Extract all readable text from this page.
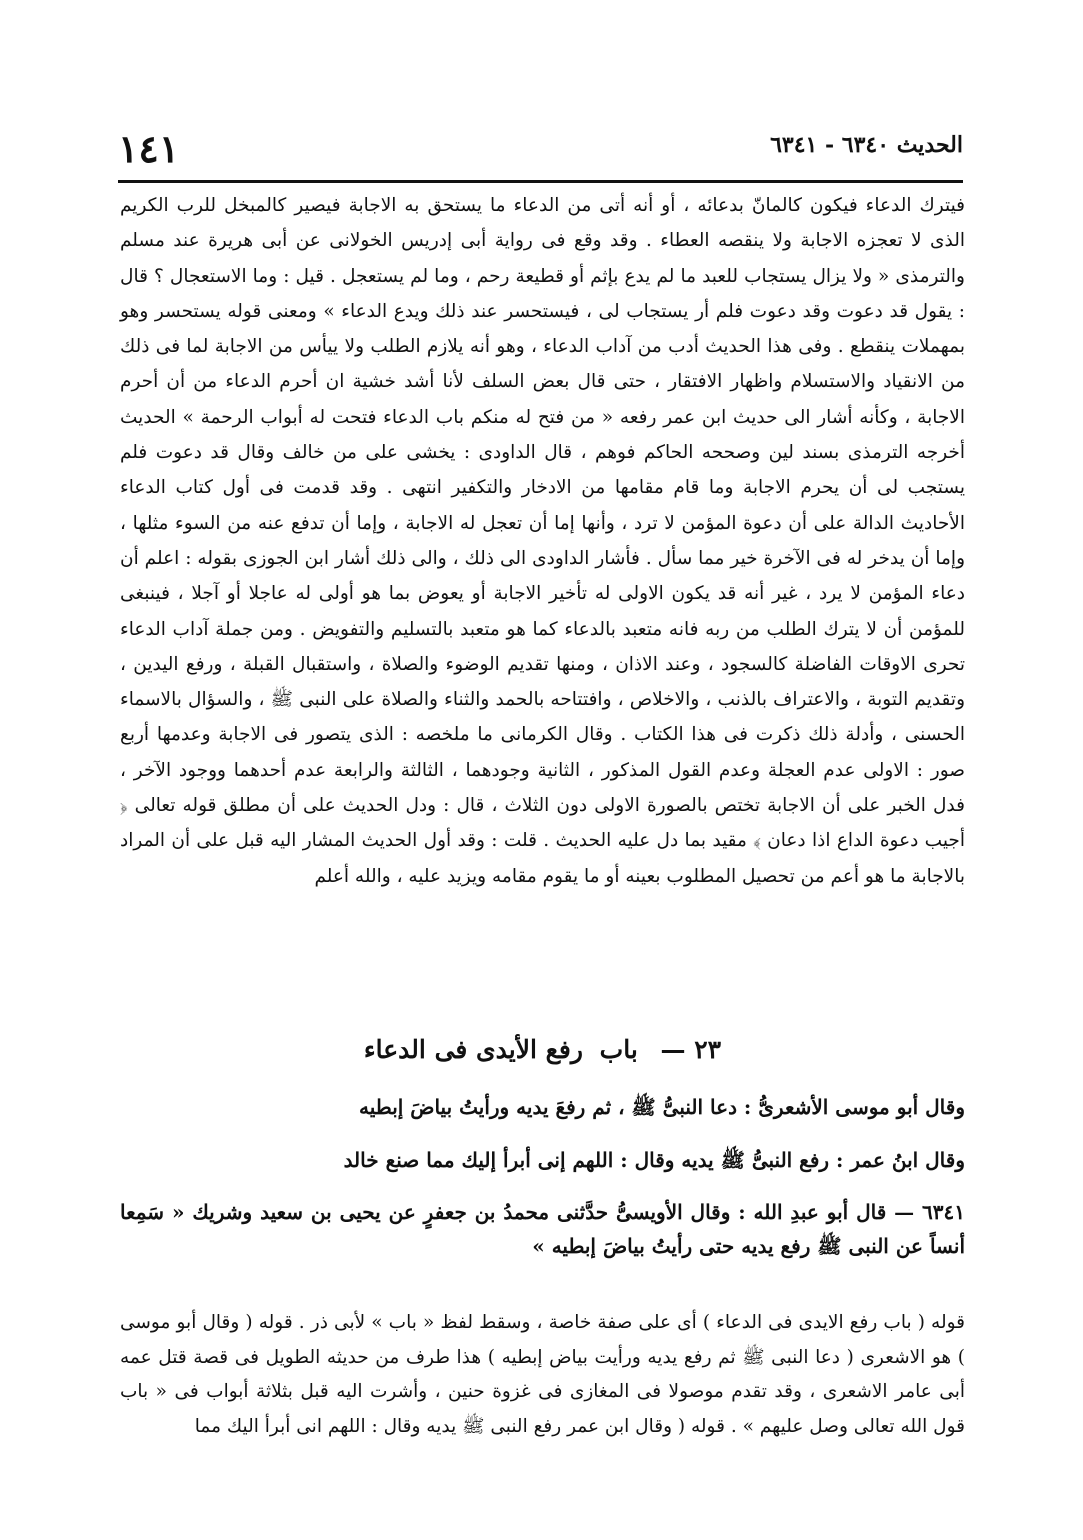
الحديث ٦٣٤٠ - ٦٣٤١
١٤١

فيترك الدعاء فيكون كالمانّ بدعائه ، أو أنه أتى من الدعاء ما يستحق به الاجابة فيصير كالمبخل للرب الكريم الذى لا تعجزه الاجابة ولا ينقصه العطاء . وقد وقع فى رواية أبى إدريس الخولانى عن أبى هريرة عند مسلم والترمذى « ولا يزال يستجاب للعبد ما لم يدع بإثم أو قطيعة رحم ، وما لم يستعجل . قيل : وما الاستعجال ؟ قال : يقول قد دعوت وقد دعوت فلم أر يستجاب لى ، فيستحسر عند ذلك ويدع الدعاء » ومعنى قوله يستحسر وهو بمهملات ينقطع . وفى هذا الحديث أدب من آداب الدعاء ، وهو أنه يلازم الطلب ولا ييأس من الاجابة لما فى ذلك من الانقياد والاستسلام واظهار الافتقار ، حتى قال بعض السلف لأنا أشد خشية ان أحرم الدعاء من أن أحرم الاجابة ، وكأنه أشار الى حديث ابن عمر رفعه « من فتح له منكم باب الدعاء فتحت له أبواب الرحمة » الحديث أخرجه الترمذى بسند لين وصححه الحاكم فوهم ، قال الداودى : يخشى على من خالف وقال قد دعوت فلم يستجب لى أن يحرم الاجابة وما قام مقامها من الادخار والتكفير انتهى . وقد قدمت فى أول كتاب الدعاء الأحاديث الدالة على أن دعوة المؤمن لا ترد ، وأنها إما أن تعجل له الاجابة ، وإما أن تدفع عنه من السوء مثلها ، وإما أن يدخر له فى الآخرة خير مما سأل . فأشار الداودى الى ذلك ، والى ذلك أشار ابن الجوزى بقوله : اعلم أن دعاء المؤمن لا يرد ، غير أنه قد يكون الاولى له تأخير الاجابة أو يعوض بما هو أولى له عاجلا أو آجلا ، فينبغى للمؤمن أن لا يترك الطلب من ربه فانه متعبد بالدعاء كما هو متعبد بالتسليم والتفويض . ومن جملة آداب الدعاء تحرى الاوقات الفاضلة كالسجود ، وعند الاذان ، ومنها تقديم الوضوء والصلاة ، واستقبال القبلة ، ورفع اليدين ، وتقديم التوبة ، والاعتراف بالذنب ، والاخلاص ، وافتتاحه بالحمد والثناء والصلاة على النبى ﷺ ، والسؤال بالاسماء الحسنى ، وأدلة ذلك ذكرت فى هذا الكتاب . وقال الكرمانى ما ملخصه : الذى يتصور فى الاجابة وعدمها أربع صور : الاولى عدم العجلة وعدم القول المذكور ، الثانية وجودهما ، الثالثة والرابعة عدم أحدهما ووجود الآخر ، فدل الخبر على أن الاجابة تختص بالصورة الاولى دون الثلاث ، قال : ودل الحديث على أن مطلق قوله تعالى ﴿ أجيب دعوة الداع اذا دعان ﴾ مقيد بما دل عليه الحديث . قلت : وقد أول الحديث المشار اليه قبل على أن المراد بالاجابة ما هو أعم من تحصيل المطلوب بعينه أو ما يقوم مقامه ويزيد عليه ، والله أعلم

٢٣ — باب رفع الأيدى فى الدعاء

وقال أبو موسى الأشعرىُّ : دعا النبىُّ ﷺ ، ثم رفعَ يديه ورأيتُ بياضَ إبطيه

وقال ابنُ عمر : رفع النبىُّ ﷺ يديه وقال : اللهم إنى أبرأ إليك مما صنع خالد

٦٣٤١ — قال أبو عبدِ الله : وقال الأويسىُّ حدَّثنى محمدُ بن جعفرٍ عن يحيى بن سعيد وشريك « سَمِعا أنساً عن النبى ﷺ رفع يديه حتى رأيتُ بياضَ إبطيه »

قوله ( باب رفع الايدى فى الدعاء ) أى على صفة خاصة ، وسقط لفظ « باب » لأبى ذر . قوله ( وقال أبو موسى ) هو الاشعرى ( دعا النبى ﷺ ثم رفع يديه ورأيت بياض إبطيه ) هذا طرف من حديثه الطويل فى قصة قتل عمه أبى عامر الاشعرى ، وقد تقدم موصولا فى المغازى فى غزوة حنين ، وأشرت اليه قبل بثلاثة أبواب فى « باب قول الله تعالى وصل عليهم » . قوله ( وقال ابن عمر رفع النبى ﷺ يديه وقال : اللهم انى أبرأ اليك مما
